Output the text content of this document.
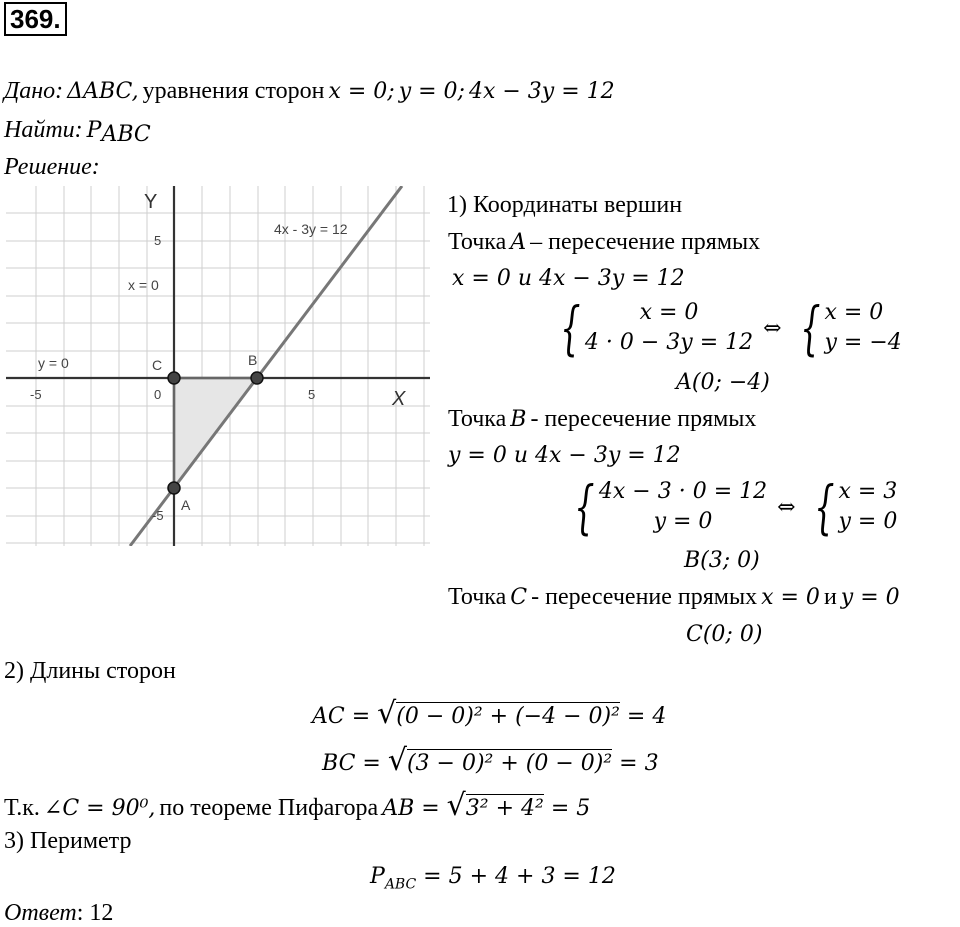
369.
Дано: ΔABC, уравнения сторон x = 0; y = 0; 4x − 3y = 12
Найти: $P_{ABC}$
Решение:
Y
X
4x - 3y = 12
x = 0
y = 0
5
-5
5
-5	0
C	B
A
1) Координаты вершин
Точка A – пересечение прямых
x = 0 и 4x − 3y = 12
{	x = 0
4 · 0 − 3y = 12
⇔ { x = 0
y = −4
A(0; −4)
Точка B - пересечение прямых
y = 0 и 4x − 3y = 12
{ 4x − 3 · 0 = 12
y = 0
⇔ { x = 3
y = 0
B(3; 0)
Точка C - пересечение прямых x = 0 и y = 0
C(0; 0)
2) Длины сторон
AC = √(0 − 0)² + (−4 − 0)² = 4
BC = √(3 − 0)² + (0 − 0)² = 3
Т.к. ∠C = 90⁰, по теореме Пифагора AB = √3² + 4² = 5
3) Периметр
$P_{ABC} = 5 + 4 + 3 = 12$
Ответ: 12
